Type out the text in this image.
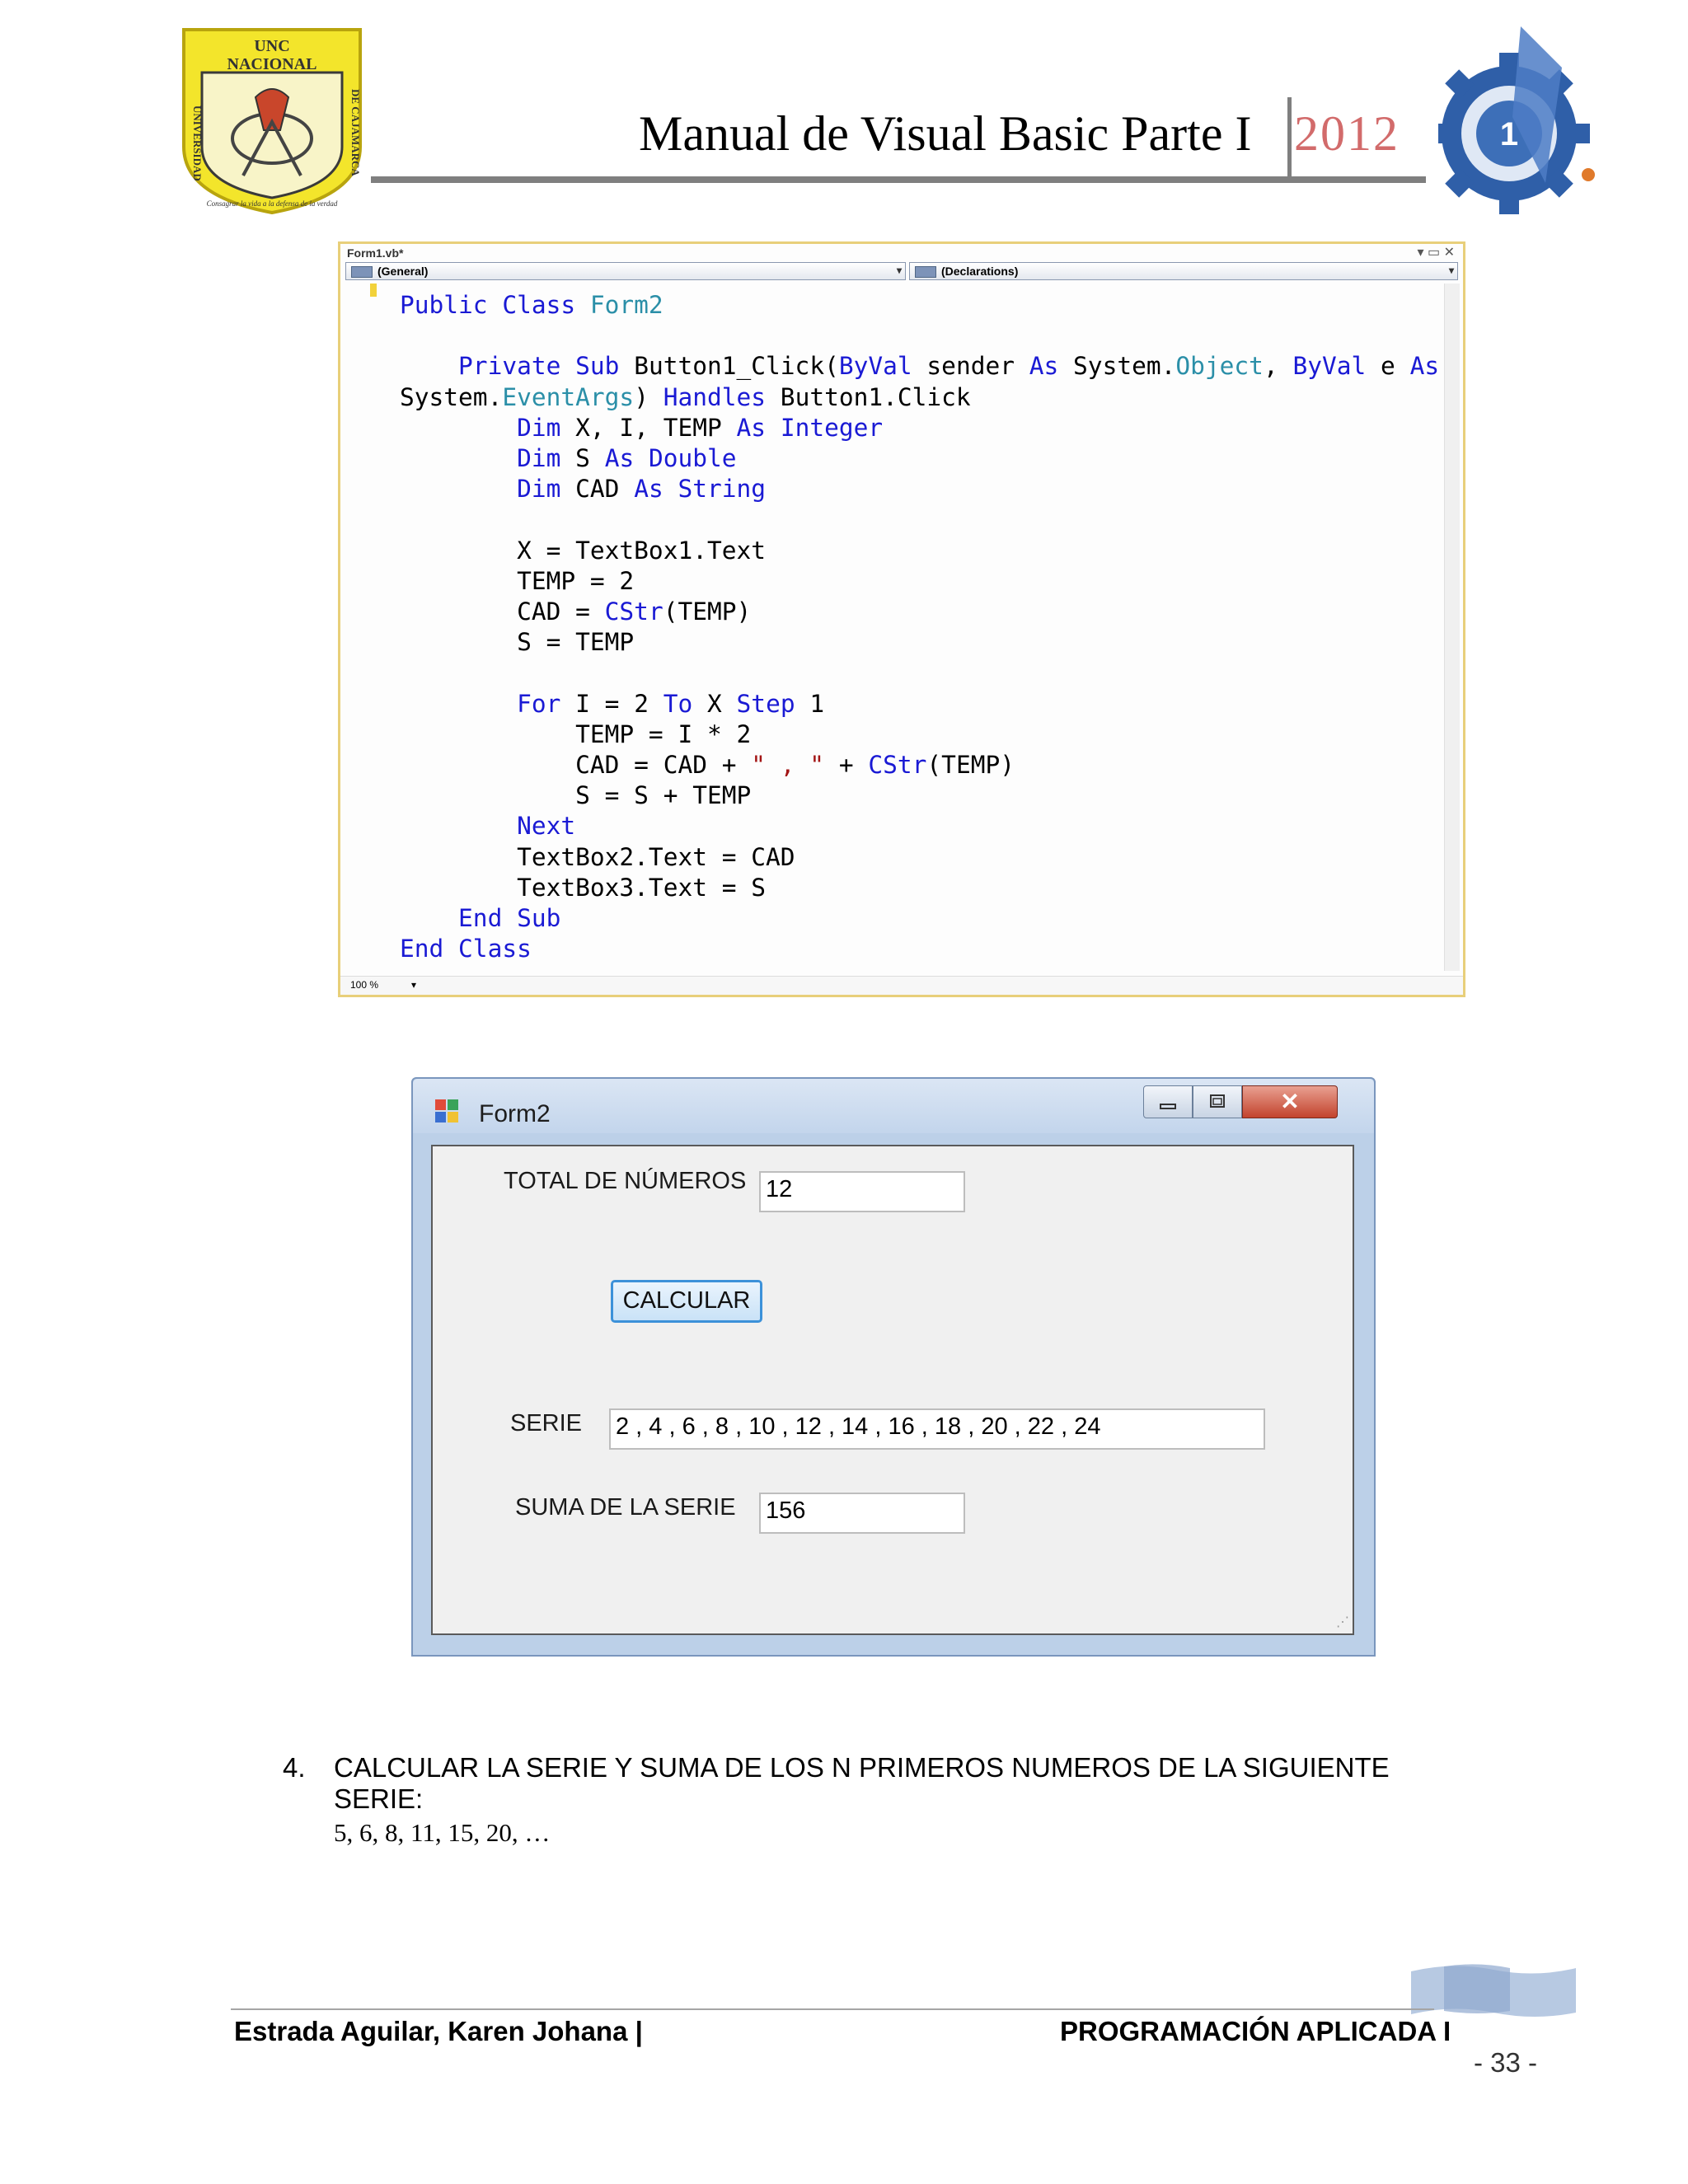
UNC
NACIONAL
UNIVERSIDAD	DE CAJAMARCA
Consagrar la vida a la defensa de la verdad
Manual de Visual Basic Parte I 2012	1
Form1.vb*	▾ ▭ ✕
(General)	▾	(Declarations)	▾
Public Class Form2

Private Sub Button1_Click(ByVal sender As System.Object, ByVal e As
System.EventArgs) Handles Button1.Click
Dim X, I, TEMP As Integer
Dim S As Double
Dim CAD As String

X = TextBox1.Text
TEMP = 2
CAD = CStr(TEMP)
S = TEMP

For I = 2 To X Step 1
TEMP = I * 2
CAD = CAD + " , " + CStr(TEMP)
S = S + TEMP
Next
TextBox2.Text = CAD
TextBox3.Text = S
End Sub
End Class
100 %	▾
Form2	✕
TOTAL DE NÚMEROS 12
CALCULAR
SERIE 2 , 4 , 6 , 8 , 10 , 12 , 14 , 16 , 18 , 20 , 22 , 24
SUMA DE LA SERIE 156
⋰
4. CALCULAR LA SERIE Y SUMA DE LOS N PRIMEROS NUMEROS DE LA SIGUIENTE SERIE:
5, 6, 8, 11, 15, 20, …
Estrada Aguilar, Karen Johana |	PROGRAMACIÓN APLICADA I
- 33 -
